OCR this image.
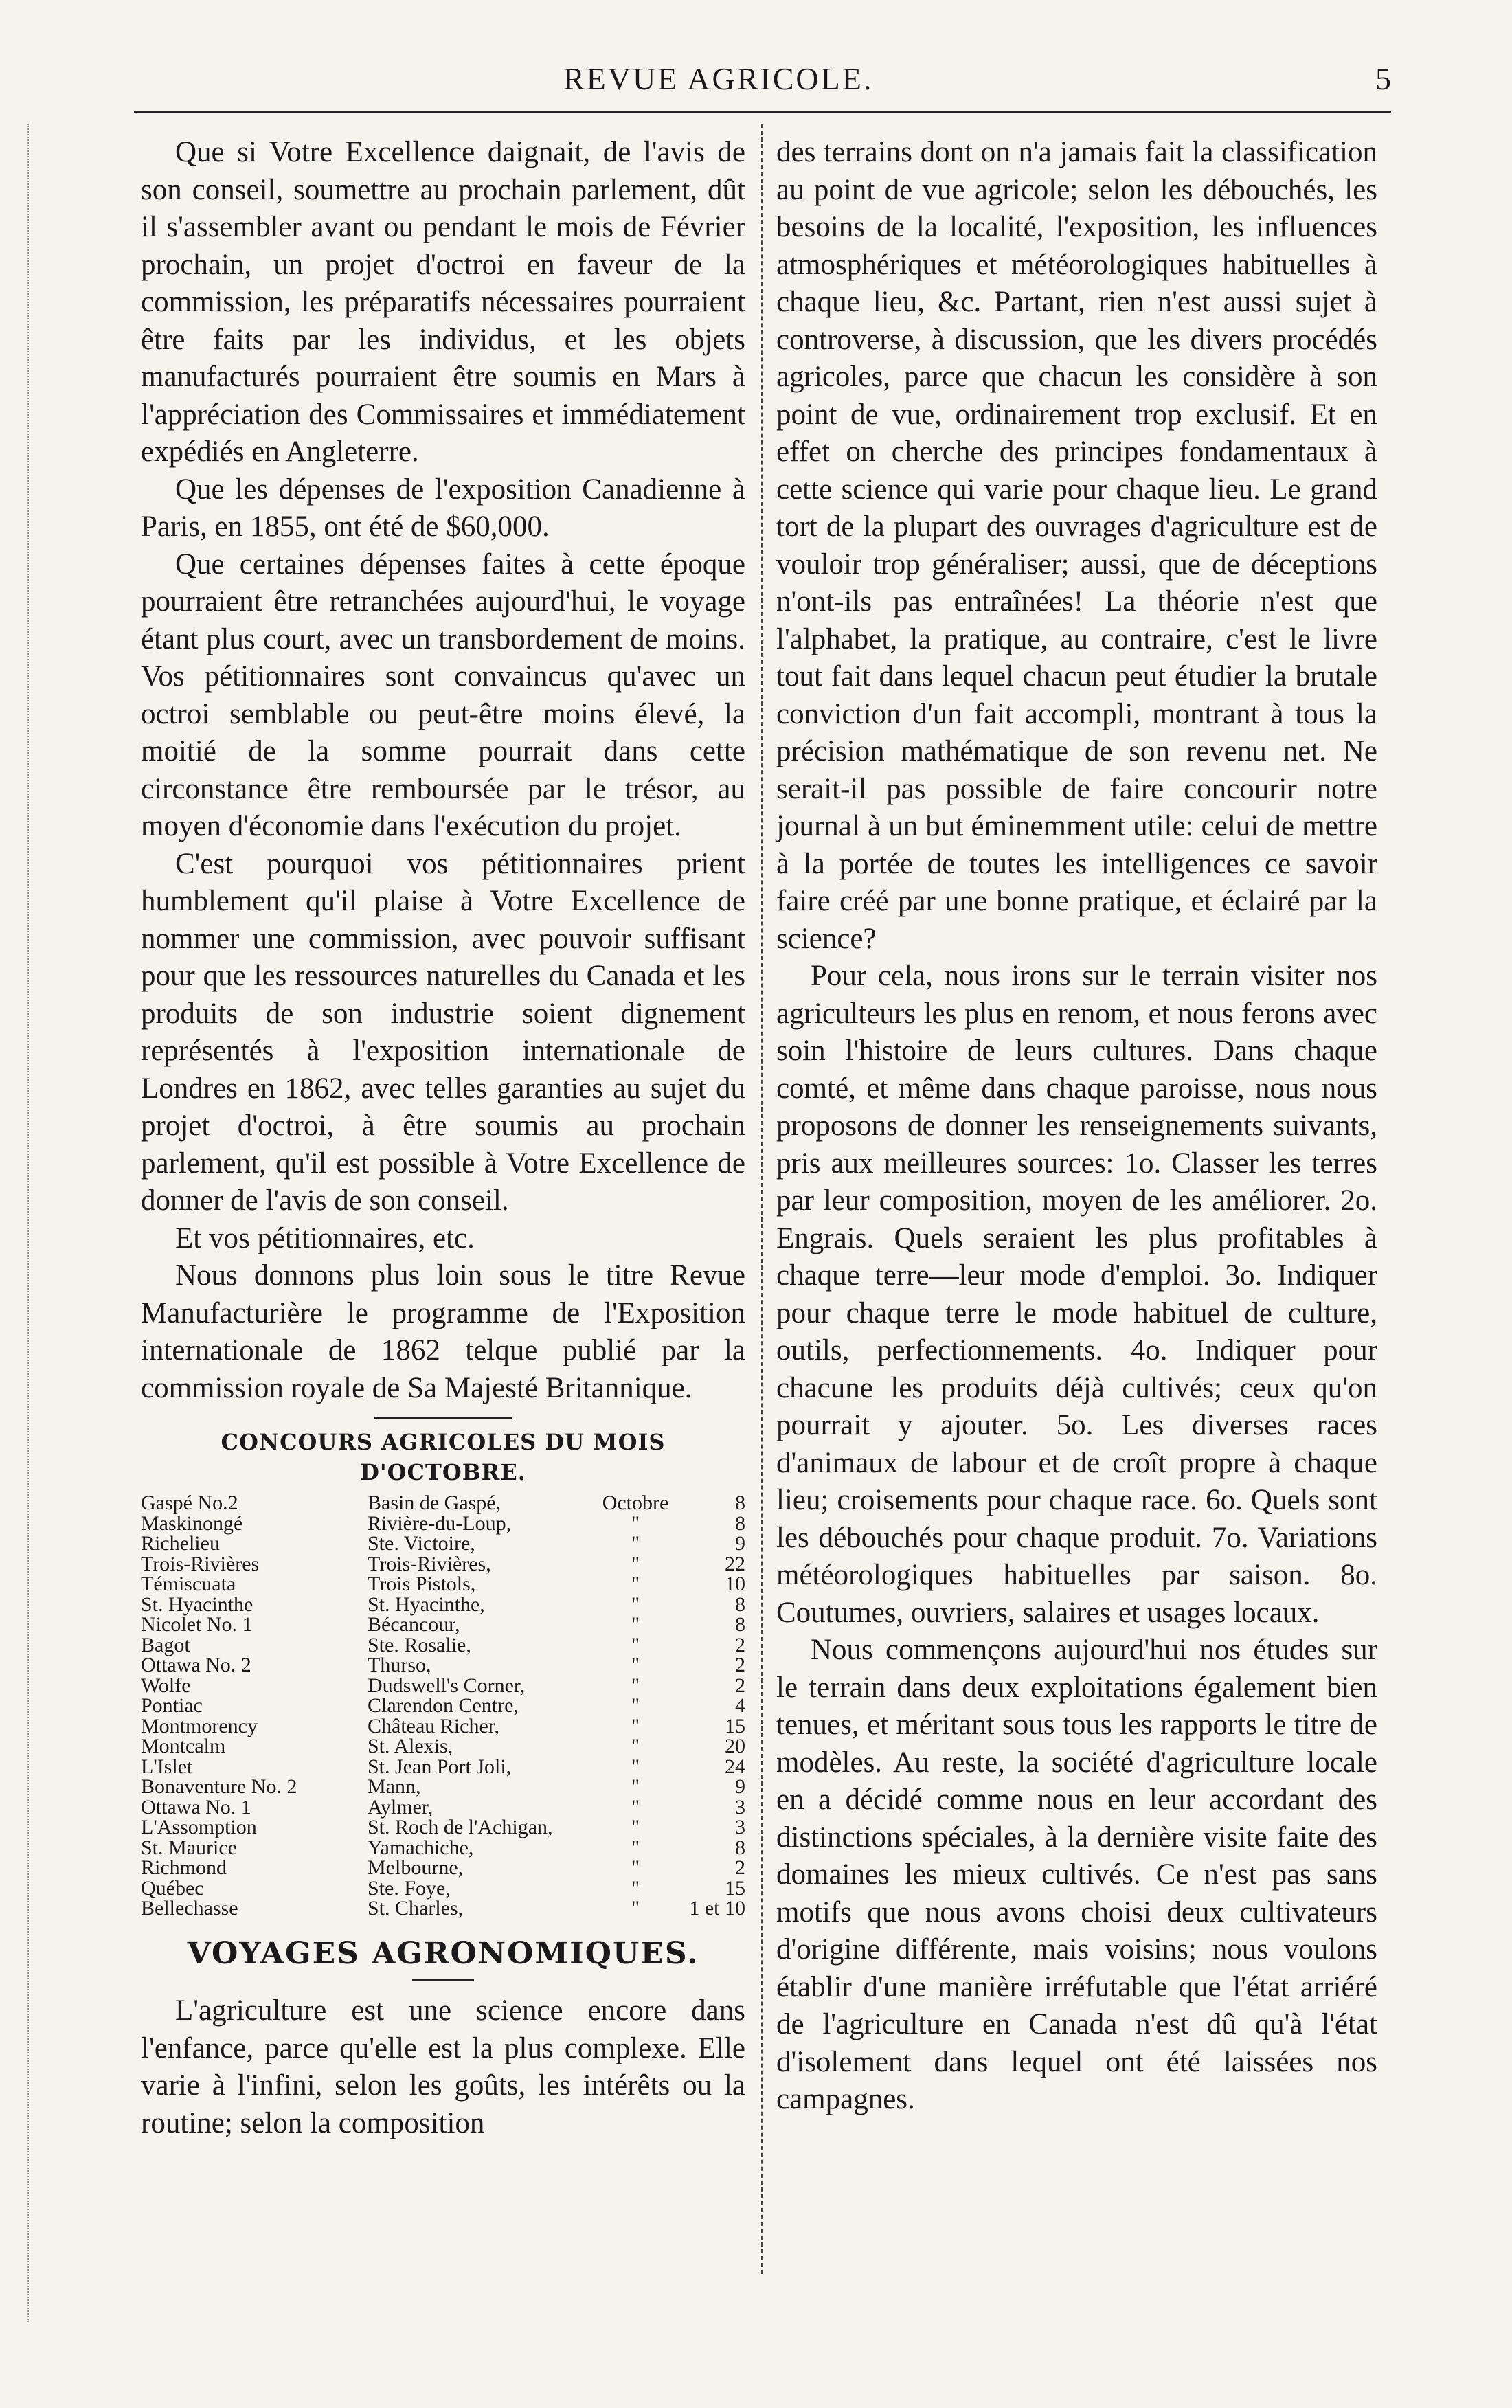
REVUE AGRICOLE.	5

Que si Votre Excellence daignait, de l'avis de son conseil, soumettre au prochain parlement, dût il s'assembler avant ou pendant le mois de Février prochain, un projet d'octroi en faveur de la commission, les préparatifs nécessaires pourraient être faits par les individus, et les objets manufacturés pourraient être soumis en Mars à l'appréciation des Commissaires et immédiatement expédiés en Angleterre.

Que les dépenses de l'exposition Canadienne à Paris, en 1855, ont été de $60,000.

Que certaines dépenses faites à cette époque pourraient être retranchées aujourd'hui, le voyage étant plus court, avec un transbordement de moins. Vos pétitionnaires sont convaincus qu'avec un octroi semblable ou peut-être moins élevé, la moitié de la somme pourrait dans cette circonstance être remboursée par le trésor, au moyen d'économie dans l'exécution du projet.

C'est pourquoi vos pétitionnaires prient humblement qu'il plaise à Votre Excellence de nommer une commission, avec pouvoir suffisant pour que les ressources naturelles du Canada et les produits de son industrie soient dignement représentés à l'exposition internationale de Londres en 1862, avec telles garanties au sujet du projet d'octroi, à être soumis au prochain parlement, qu'il est possible à Votre Excellence de donner de l'avis de son conseil.

Et vos pétitionnaires, etc.

Nous donnons plus loin sous le titre Revue Manufacturière le programme de l'Exposition internationale de 1862 telque publié par la commission royale de Sa Majesté Britannique.

CONCOURS AGRICOLES DU MOIS D'OCTOBRE.
Gaspé No.2	Basin de Gaspé,	Octobre	8
Maskinongé	Rivière-du-Loup,	"	8
Richelieu	Ste. Victoire,	"	9
Trois-Rivières	Trois-Rivières,	"	22
Témiscuata	Trois Pistols,	"	10
St. Hyacinthe	St. Hyacinthe,	"	8
Nicolet No. 1	Bécancour,	"	8
Bagot	Ste. Rosalie,	"	2
Ottawa No. 2	Thurso,	"	2
Wolfe	Dudswell's Corner,	"	2
Pontiac	Clarendon Centre,	"	4
Montmorency	Château Richer,	"	15
Montcalm	St. Alexis,	"	20
L'Islet	St. Jean Port Joli,	"	24
Bonaventure No. 2	Mann,	"	9
Ottawa No. 1	Aylmer,	"	3
L'Assomption	St. Roch de l'Achigan,	"	3
St. Maurice	Yamachiche,	"	8
Richmond	Melbourne,	"	2
Québec	Ste. Foye,	"	15
Bellechasse	St. Charles,	"	1 et 10
VOYAGES AGRONOMIQUES.

L'agriculture est une science encore dans l'enfance, parce qu'elle est la plus complexe. Elle varie à l'infini, selon les goûts, les intérêts ou la routine; selon la composition

des terrains dont on n'a jamais fait la classification au point de vue agricole; selon les débouchés, les besoins de la localité, l'exposition, les influences atmosphériques et météorologiques habituelles à chaque lieu, &c. Partant, rien n'est aussi sujet à controverse, à discussion, que les divers procédés agricoles, parce que chacun les considère à son point de vue, ordinairement trop exclusif. Et en effet on cherche des principes fondamentaux à cette science qui varie pour chaque lieu. Le grand tort de la plupart des ouvrages d'agriculture est de vouloir trop généraliser; aussi, que de déceptions n'ont-ils pas entraînées! La théorie n'est que l'alphabet, la pratique, au contraire, c'est le livre tout fait dans lequel chacun peut étudier la brutale conviction d'un fait accompli, montrant à tous la précision mathématique de son revenu net. Ne serait-il pas possible de faire concourir notre journal à un but éminemment utile: celui de mettre à la portée de toutes les intelligences ce savoir faire créé par une bonne pratique, et éclairé par la science?

Pour cela, nous irons sur le terrain visiter nos agriculteurs les plus en renom, et nous ferons avec soin l'histoire de leurs cultures. Dans chaque comté, et même dans chaque paroisse, nous nous proposons de donner les renseignements suivants, pris aux meilleures sources: 1o. Classer les terres par leur composition, moyen de les améliorer. 2o. Engrais. Quels seraient les plus profitables à chaque terre—leur mode d'emploi. 3o. Indiquer pour chaque terre le mode habituel de culture, outils, perfectionnements. 4o. Indiquer pour chacune les produits déjà cultivés; ceux qu'on pourrait y ajouter. 5o. Les diverses races d'animaux de labour et de croît propre à chaque lieu; croisements pour chaque race. 6o. Quels sont les débouchés pour chaque produit. 7o. Variations météorologiques habituelles par saison. 8o. Coutumes, ouvriers, salaires et usages locaux.

Nous commençons aujourd'hui nos études sur le terrain dans deux exploitations également bien tenues, et méritant sous tous les rapports le titre de modèles. Au reste, la société d'agriculture locale en a décidé comme nous en leur accordant des distinctions spéciales, à la dernière visite faite des domaines les mieux cultivés. Ce n'est pas sans motifs que nous avons choisi deux cultivateurs d'origine différente, mais voisins; nous voulons établir d'une manière irréfutable que l'état arriéré de l'agriculture en Canada n'est dû qu'à l'état d'isolement dans lequel ont été laissées nos campagnes.
